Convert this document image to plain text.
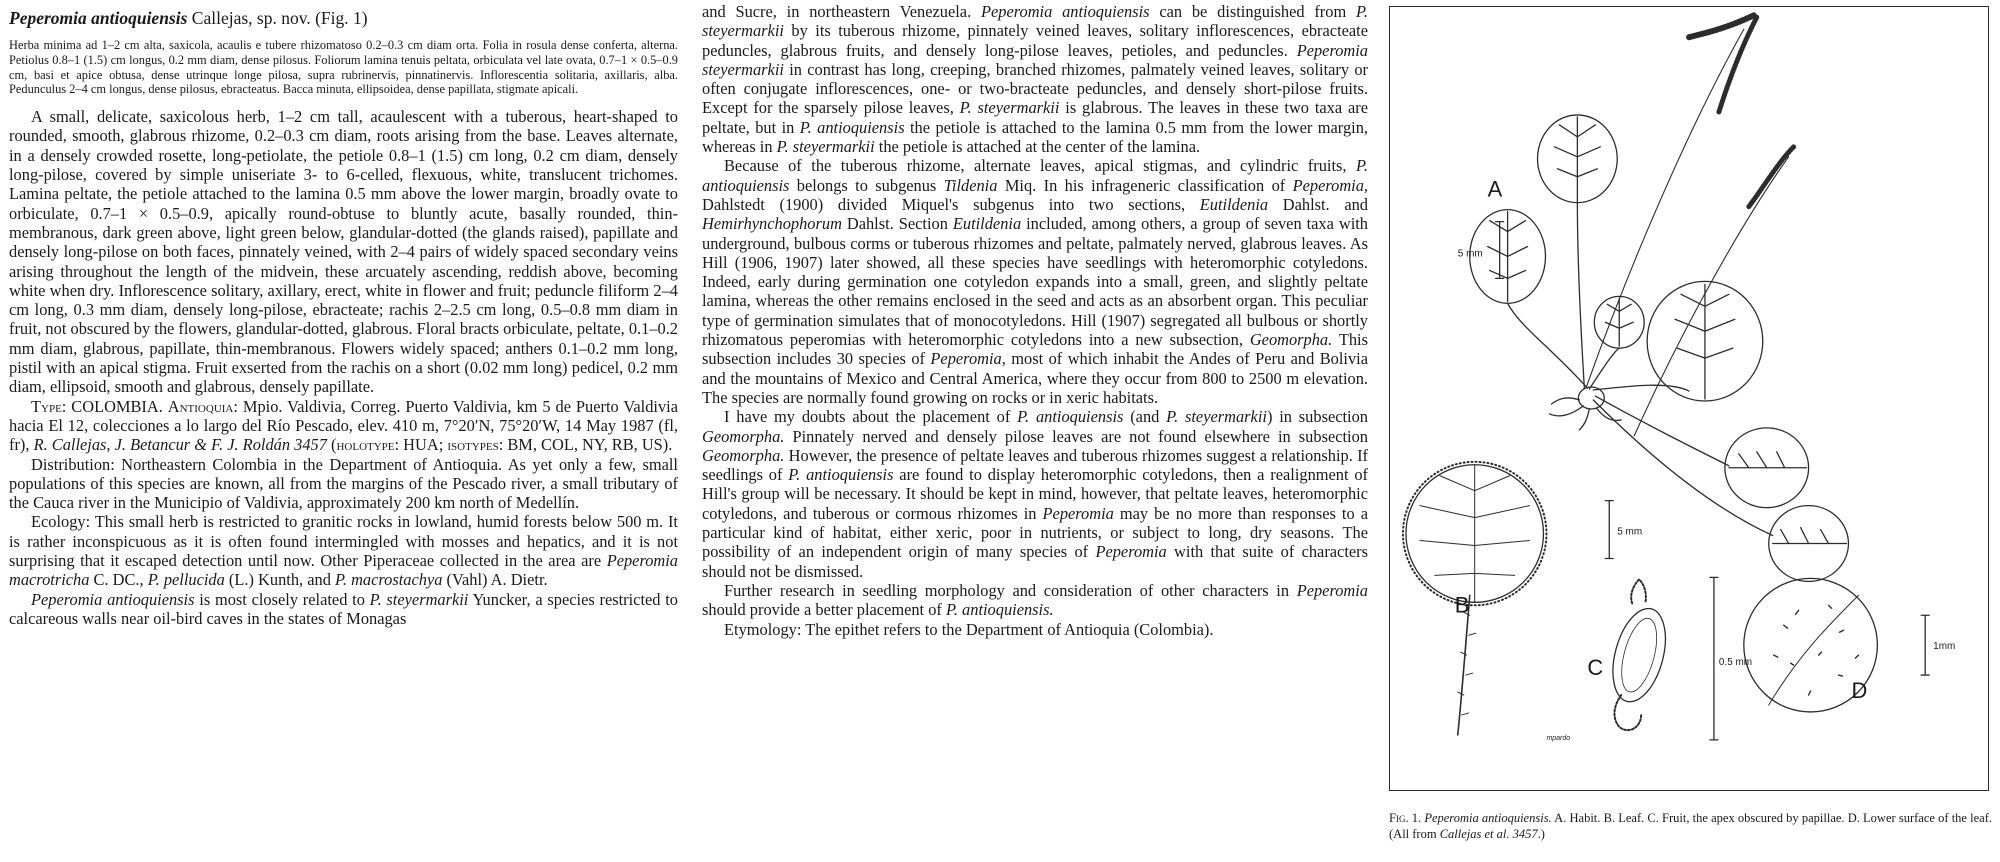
Peperomia antioquiensis Callejas, sp. nov. (Fig. 1)

Herba minima ad 1–2 cm alta, saxicola, acaulis e tubere rhizomatoso 0.2–0.3 cm diam orta. Folia in rosula dense conferta, alterna. Petiolus 0.8–1 (1.5) cm longus, 0.2 mm diam, dense pilosus. Foliorum lamina tenuis peltata, orbiculata vel late ovata, 0.7–1 × 0.5–0.9 cm, basi et apice obtusa, dense utrinque longe pilosa, supra rubrinervis, pinnatinervis. Inflorescentia solitaria, axillaris, alba. Pedunculus 2–4 cm longus, dense pilosus, ebracteatus. Bacca minuta, ellipsoidea, dense papillata, stigmate apicali.

A small, delicate, saxicolous herb, 1–2 cm tall, acaulescent with a tuberous, heart-shaped to rounded, smooth, glabrous rhizome, 0.2–0.3 cm diam, roots arising from the base. Leaves alternate, in a densely crowded rosette, long-petiolate, the petiole 0.8–1 (1.5) cm long, 0.2 cm diam, densely long-pilose, covered by simple uniseriate 3- to 6-celled, flexuous, white, translucent trichomes. Lamina peltate, the petiole attached to the lamina 0.5 mm above the lower margin, broadly ovate to orbiculate, 0.7–1 × 0.5–0.9, apically round-obtuse to bluntly acute, basally rounded, thin-membranous, dark green above, light green below, glandular-dotted (the glands raised), papillate and densely long-pilose on both faces, pinnately veined, with 2–4 pairs of widely spaced secondary veins arising throughout the length of the midvein, these arcuately ascending, reddish above, becoming white when dry. Inflorescence solitary, axillary, erect, white in flower and fruit; peduncle filiform 2–4 cm long, 0.3 mm diam, densely long-pilose, ebracteate; rachis 2–2.5 cm long, 0.5–0.8 mm diam in fruit, not obscured by the flowers, glandular-dotted, glabrous. Floral bracts orbiculate, peltate, 0.1–0.2 mm diam, glabrous, papillate, thin-membranous. Flowers widely spaced; anthers 0.1–0.2 mm long, pistil with an apical stigma. Fruit exserted from the rachis on a short (0.02 mm long) pedicel, 0.2 mm diam, ellipsoid, smooth and glabrous, densely papillate.

Type: COLOMBIA. Antioquia: Mpio. Valdivia, Correg. Puerto Valdivia, km 5 de Puerto Valdivia hacia El 12, colecciones a lo largo del Río Pescado, elev. 410 m, 7°20′N, 75°20′W, 14 May 1987 (fl, fr), R. Callejas, J. Betancur & F. J. Roldán 3457 (holotype: HUA; isotypes: BM, COL, NY, RB, US).

Distribution: Northeastern Colombia in the Department of Antioquia. As yet only a few, small populations of this species are known, all from the margins of the Pescado river, a small tributary of the Cauca river in the Municipio of Valdivia, approximately 200 km north of Medellín.

Ecology: This small herb is restricted to granitic rocks in lowland, humid forests below 500 m. It is rather inconspicuous as it is often found intermingled with mosses and hepatics, and it is not surprising that it escaped detection until now. Other Piperaceae collected in the area are Peperomia macrotricha C. DC., P. pellucida (L.) Kunth, and P. macrostachya (Vahl) A. Dietr.

Peperomia antioquiensis is most closely related to P. steyermarkii Yuncker, a species restricted to calcareous walls near oil-bird caves in the states of Monagas

and Sucre, in northeastern Venezuela. Peperomia antioquiensis can be distinguished from P. steyermarkii by its tuberous rhizome, pinnately veined leaves, solitary inflorescences, ebracteate peduncles, glabrous fruits, and densely long-pilose leaves, petioles, and peduncles. Peperomia steyermarkii in contrast has long, creeping, branched rhizomes, palmately veined leaves, solitary or often conjugate inflorescences, one- or two-bracteate peduncles, and densely short-pilose fruits. Except for the sparsely pilose leaves, P. steyermarkii is glabrous. The leaves in these two taxa are peltate, but in P. antioquiensis the petiole is attached to the lamina 0.5 mm from the lower margin, whereas in P. steyermarkii the petiole is attached at the center of the lamina.

Because of the tuberous rhizome, alternate leaves, apical stigmas, and cylindric fruits, P. antioquiensis belongs to subgenus Tildenia Miq. In his infrageneric classification of Peperomia, Dahlstedt (1900) divided Miquel's subgenus into two sections, Eutildenia Dahlst. and Hemirhynchophorum Dahlst. Section Eutildenia included, among others, a group of seven taxa with underground, bulbous corms or tuberous rhizomes and peltate, palmately nerved, glabrous leaves. As Hill (1906, 1907) later showed, all these species have seedlings with heteromorphic cotyledons. Indeed, early during germination one cotyledon expands into a small, green, and slightly peltate lamina, whereas the other remains enclosed in the seed and acts as an absorbent organ. This peculiar type of germination simulates that of monocotyledons. Hill (1907) segregated all bulbous or shortly rhizomatous peperomias with heteromorphic cotyledons into a new subsection, Geomorpha. This subsection includes 30 species of Peperomia, most of which inhabit the Andes of Peru and Bolivia and the mountains of Mexico and Central America, where they occur from 800 to 2500 m elevation. The species are normally found growing on rocks or in xeric habitats.

I have my doubts about the placement of P. antioquiensis (and P. steyermarkii) in subsection Geomorpha. Pinnately nerved and densely pilose leaves are not found elsewhere in subsection Geomorpha. However, the presence of peltate leaves and tuberous rhizomes suggest a relationship. If seedlings of P. antioquiensis are found to display heteromorphic cotyledons, then a realignment of Hill's group will be necessary. It should be kept in mind, however, that peltate leaves, heteromorphic cotyledons, and tuberous or cormous rhizomes in Peperomia may be no more than responses to a particular kind of habitat, either xeric, poor in nutrients, or subject to long, dry seasons. The possibility of an independent origin of many species of Peperomia with that suite of characters should not be dismissed.

Further research in seedling morphology and consideration of other characters in Peperomia should provide a better placement of P. antioquiensis.

Etymology: The epithet refers to the Department of Antioquia (Colombia).

A
5 mm
B
5 mm
C	0.5 mm
D
1mm
mpardo

Fig. 1. Peperomia antioquiensis. A. Habit. B. Leaf. C. Fruit, the apex obscured by papillae. D. Lower surface of the leaf. (All from Callejas et al. 3457.)
